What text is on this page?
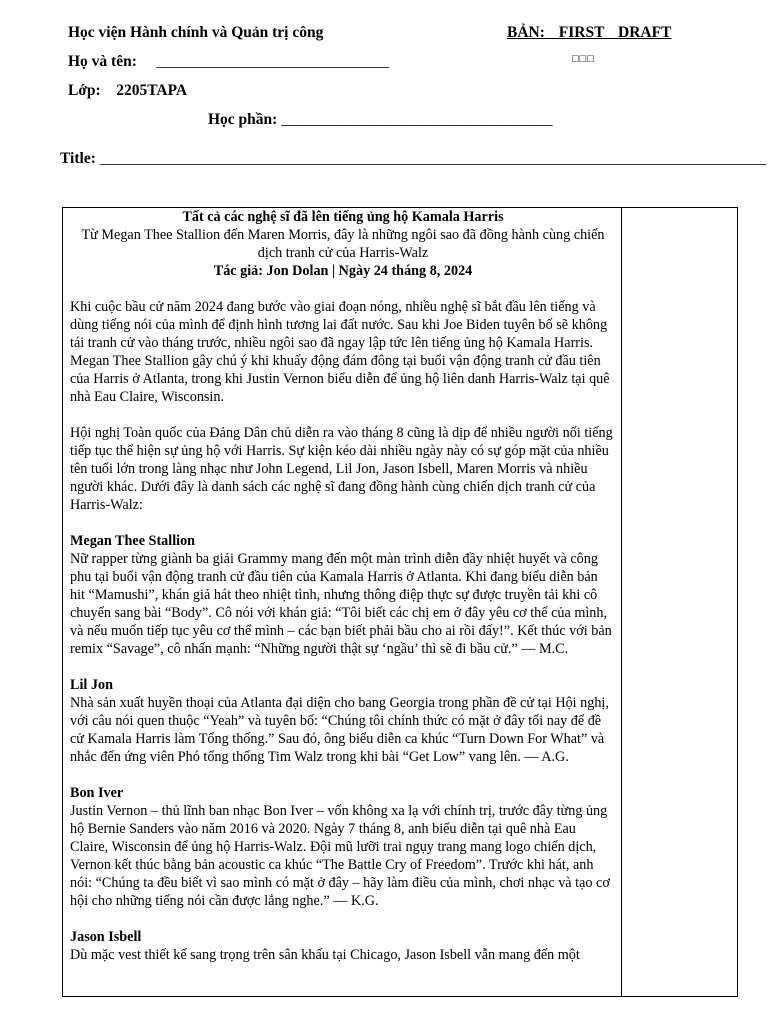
Học viện Hành chính và Quản trị công	BẢN: FIRST DRAFT
Họ và tên: ______________________________	□□□
Lớp: 2205TAPA
Học phần: ___________________________________
Title: ______________________________________________________________________________________

Tất cả các nghệ sĩ đã lên tiếng ủng hộ Kamala Harris

Từ Megan Thee Stallion đến Maren Morris, đây là những ngôi sao đã đồng hành cùng chiến dịch tranh cử của Harris-Walz

Tác giả: Jon Dolan | Ngày 24 tháng 8, 2024

Khi cuộc bầu cử năm 2024 đang bước vào giai đoạn nóng, nhiều nghệ sĩ bắt đầu lên tiếng và dùng tiếng nói của mình để định hình tương lai đất nước. Sau khi Joe Biden tuyên bố sẽ không tái tranh cử vào tháng trước, nhiều ngôi sao đã ngay lập tức lên tiếng ủng hộ Kamala Harris. Megan Thee Stallion gây chú ý khi khuấy động đám đông tại buổi vận động tranh cử đầu tiên của Harris ở Atlanta, trong khi Justin Vernon biểu diễn để ủng hộ liên danh Harris-Walz tại quê nhà Eau Claire, Wisconsin.

Hội nghị Toàn quốc của Đảng Dân chủ diễn ra vào tháng 8 cũng là dịp để nhiều người nối tiếng tiếp tục thể hiện sự ủng hộ với Harris. Sự kiện kéo dài nhiều ngày này có sự góp mặt của nhiều tên tuổi lớn trong làng nhạc như John Legend, Lil Jon, Jason Isbell, Maren Morris và nhiều người khác. Dưới đây là danh sách các nghệ sĩ đang đồng hành cùng chiến dịch tranh cử của Harris-Walz:

Megan Thee Stallion

Nữ rapper từng giành ba giải Grammy mang đến một màn trình diễn đầy nhiệt huyết và công phu tại buổi vận động tranh cử đầu tiên của Kamala Harris ở Atlanta. Khi đang biểu diễn bản hit “Mamushi”, khán giả hát theo nhiệt tình, nhưng thông điệp thực sự được truyền tải khi cô chuyển sang bài “Body”. Cô nói với khán giả: “Tôi biết các chị em ở đây yêu cơ thể của mình, và nếu muốn tiếp tục yêu cơ thể mình – các bạn biết phải bầu cho ai rồi đấy!”. Kết thúc với bản remix “Savage”, cô nhấn mạnh: “Những người thật sự ‘ngầu’ thì sẽ đi bầu cử.” — M.C.

Lil Jon

Nhà sản xuất huyền thoại của Atlanta đại diện cho bang Georgia trong phần đề cử tại Hội nghị, với câu nói quen thuộc “Yeah” và tuyên bố: “Chúng tôi chính thức có mặt ở đây tối nay để đề cử Kamala Harris làm Tổng thống.” Sau đó, ông biểu diễn ca khúc “Turn Down For What” và nhắc đến ứng viên Phó tổng thống Tim Walz trong khi bài “Get Low” vang lên. — A.G.

Bon Iver

Justin Vernon – thủ lĩnh ban nhạc Bon Iver – vốn không xa lạ với chính trị, trước đây từng ủng hộ Bernie Sanders vào năm 2016 và 2020. Ngày 7 tháng 8, anh biểu diễn tại quê nhà Eau Claire, Wisconsin để ủng hộ Harris-Walz. Đội mũ lưỡi trai ngụy trang mang logo chiến dịch, Vernon kết thúc bằng bản acoustic ca khúc “The Battle Cry of Freedom”. Trước khi hát, anh nói: “Chúng ta đều biết vì sao mình có mặt ở đây – hãy làm điều của mình, chơi nhạc và tạo cơ hội cho những tiếng nói cần được lắng nghe.” — K.G.

Jason Isbell

Dù mặc vest thiết kế sang trọng trên sân khấu tại Chicago, Jason Isbell vẫn mang đến một
